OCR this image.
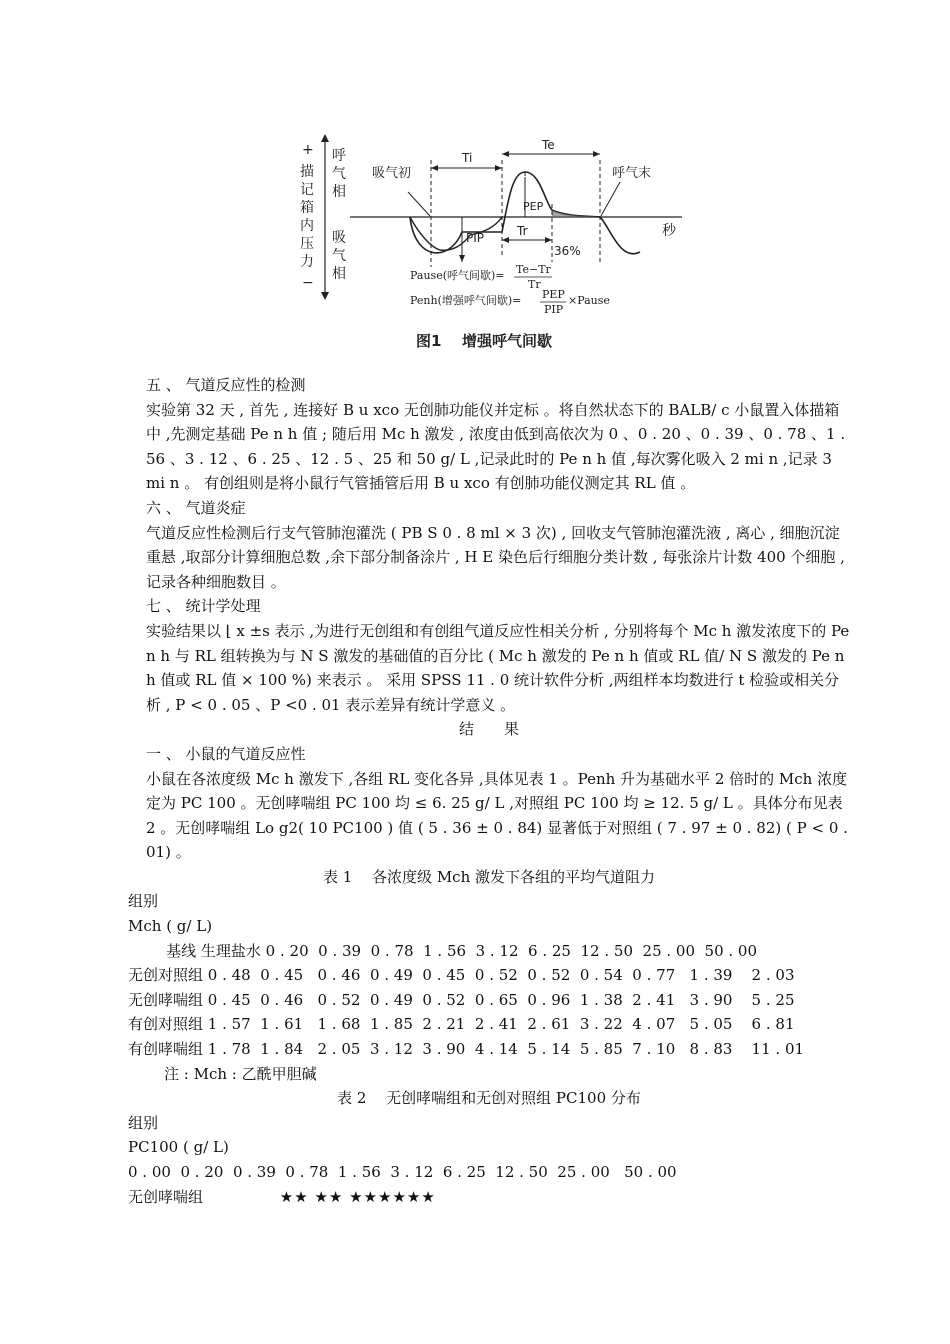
+
描
记
箱
内
压
力
−
呼
气
相
吸
气
相
秒
吸气初	呼气末
Ti
Te
Tr
PIP
PEP
36%
Pause(呼气间歇)= Te−Tr
Tr
Penh(增强呼气间歇)= PEP
PIP
×Pause
图1 增强呼气间歇
五 、 气道反应性的检测
实验第 32 天 , 首先 , 连接好 B u xco 无创肺功能仪并定标 。将自然状态下的 BALB/ c 小鼠置入体描箱中 ,先测定基础 Pe n h 值 ; 随后用 Mc h 激发 , 浓度由低到高依次为 0 、0 . 20 、0 . 39 、0 . 78 、1 . 56 、3 . 12 、6 . 25 、12 . 5 、25 和 50 g/ L ,记录此时的 Pe n h 值 ,每次雾化吸入 2 mi n ,记录 3 mi n 。 有创组则是将小鼠行气管插管后用 B u xco 有创肺功能仪测定其 RL 值 。
六 、 气道炎症
气道反应性检测后行支气管肺泡灌洗 ( PB S 0 . 8 ml × 3 次) , 回收支气管肺泡灌洗液 , 离心 , 细胞沉淀重悬 ,取部分计算细胞总数 ,余下部分制备涂片 , H E 染色后行细胞分类计数 , 每张涂片计数 400 个细胞 , 记录各种细胞数目 。
七 、 统计学处理
实验结果以 ⌊ x ±s 表示 ,为进行无创组和有创组气道反应性相关分析 , 分别将每个 Mc h 激发浓度下的 Pe n h 与 RL 组转换为与 N S 激发的基础值的百分比 ( Mc h 激发的 Pe n h 值或 RL 值/ N S 激发的 Pe n h 值或 RL 值 × 100 %) 来表示 。 采用 SPSS 11 . 0 统计软件分析 ,两组样本均数进行 t 检验或相关分析 , P < 0 . 05 、P <0 . 01 表示差异有统计学意义 。
结　　果
一 、 小鼠的气道反应性
小鼠在各浓度级 Mc h 激发下 ,各组 RL 变化各异 ,具体见表 1 。Penh 升为基础水平 2 倍时的 Mch 浓度定为 PC 100 。无创哮喘组 PC 100 均 ≤ 6. 25 g/ L ,对照组 PC 100 均 ≥ 12. 5 g/ L 。具体分布见表 2 。无创哮喘组 Lo g2( 10 PC100 ) 值 ( 5 . 36 ± 0 . 84) 显著低于对照组 ( 7 . 97 ± 0 . 82) ( P < 0 . 01) 。
表 1　 各浓度级 Mch 激发下各组的平均气道阻力
组别
Mch ( g/ L)
基线 生理盐水 0 . 20  0 . 39  0 . 78  1 . 56  3 . 12  6 . 25  12 . 50  25 . 00  50 . 00
无创对照组 0 . 48  0 . 45   0 . 46  0 . 49  0 . 45  0 . 52  0 . 52  0 . 54  0 . 77   1 . 39    2 . 03
无创哮喘组 0 . 45  0 . 46   0 . 52  0 . 49  0 . 52  0 . 65  0 . 96  1 . 38  2 . 41   3 . 90    5 . 25
有创对照组 1 . 57  1 . 61   1 . 68  1 . 85  2 . 21  2 . 41  2 . 61  3 . 22  4 . 07   5 . 05    6 . 81
有创哮喘组 1 . 78  1 . 84   2 . 05  3 . 12  3 . 90  4 . 14  5 . 14  5 . 85  7 . 10   8 . 83    11 . 01
注 : Mch : 乙酰甲胆碱
表 2　 无创哮喘组和无创对照组 PC100 分布
组别
PC100 ( g/ L)
0 . 00  0 . 20  0 . 39  0 . 78  1 . 56  3 . 12  6 . 25  12 . 50  25 . 00   50 . 00
无创哮喘组	★★ ★★ ★★★★★★
